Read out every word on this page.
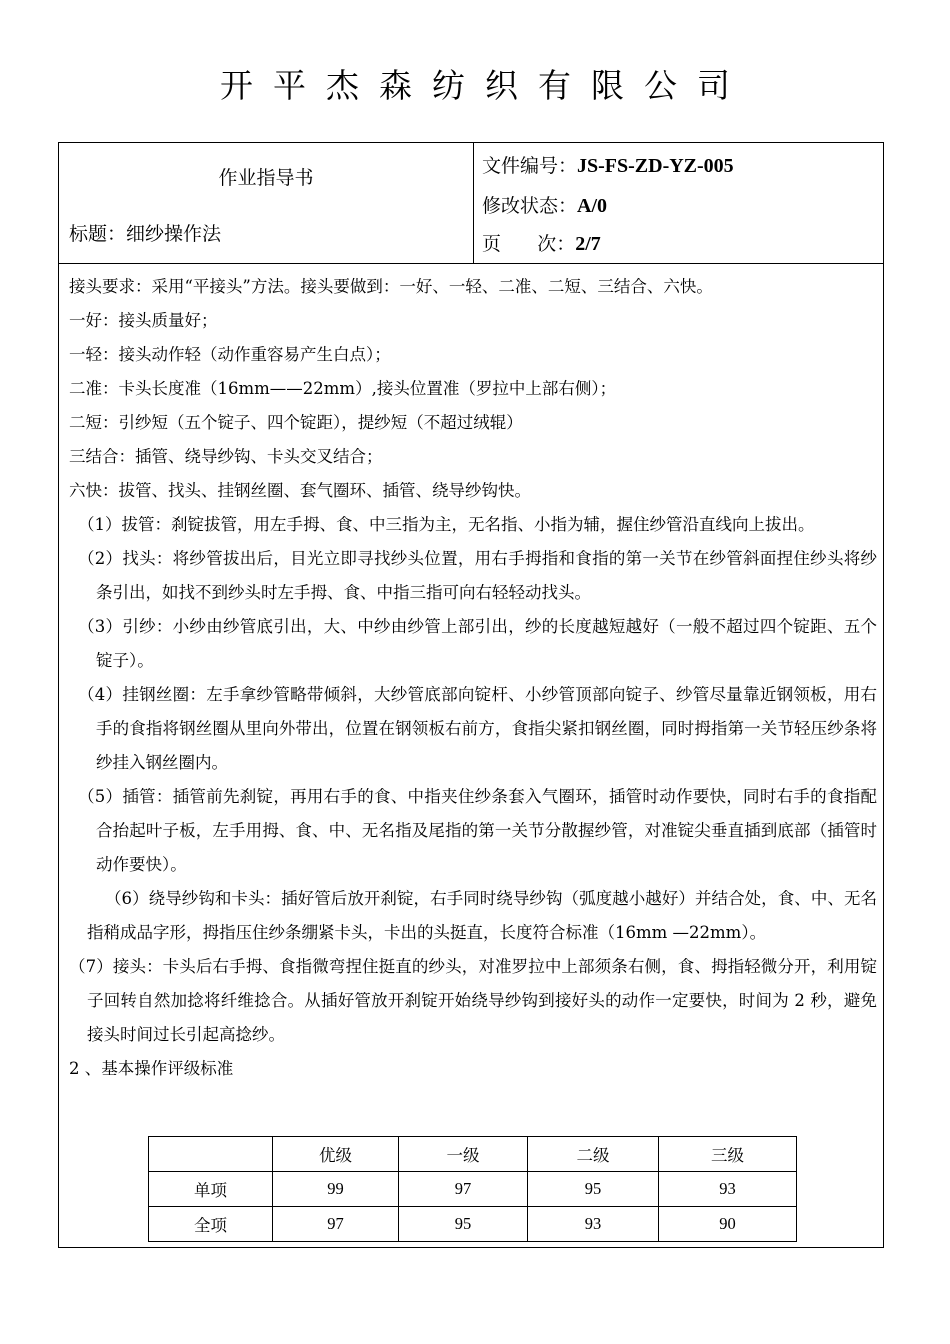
开平杰森纺织有限公司
作业指导书
标题：细纱操作法
文件编号：JS-FS-ZD-YZ-005
修改状态：A/0
页      次：2/7
接头要求：采用“平接头”方法。接头要做到：一好、一轻、二准、二短、三结合、六快。
一好：接头质量好；
一轻：接头动作轻（动作重容易产生白点）；
二准：卡头长度准（16mm——22mm）,接头位置准（罗拉中上部右侧）；
二短：引纱短（五个锭子、四个锭距），提纱短（不超过绒辊）
三结合：插管、绕导纱钩、卡头交叉结合；
六快：拔管、找头、挂钢丝圈、套气圈环、插管、绕导纱钩快。
（1）拔管：刹锭拔管，用左手拇、食、中三指为主，无名指、小指为辅，握住纱管沿直线向上拔出。
（2）找头：将纱管拔出后，目光立即寻找纱头位置，用右手拇指和食指的第一关节在纱管斜面捏住纱头将纱条引出，如找不到纱头时左手拇、食、中指三指可向右轻轻动找头。
（3）引纱：小纱由纱管底引出，大、中纱由纱管上部引出，纱的长度越短越好（一般不超过四个锭距、五个锭子）。
（4）挂钢丝圈：左手拿纱管略带倾斜，大纱管底部向锭杆、小纱管顶部向锭子、纱管尽量靠近钢领板，用右手的食指将钢丝圈从里向外带出，位置在钢领板右前方，食指尖紧扣钢丝圈，同时拇指第一关节轻压纱条将纱挂入钢丝圈内。
（5）插管：插管前先刹锭，再用右手的食、中指夹住纱条套入气圈环，插管时动作要快，同时右手的食指配合抬起叶子板，左手用拇、食、中、无名指及尾指的第一关节分散握纱管，对准锭尖垂直插到底部（插管时动作要快）。
（6）绕导纱钩和卡头：插好管后放开刹锭，右手同时绕导纱钩（弧度越小越好）并结合处，食、中、无名指稍成品字形，拇指压住纱条绷紧卡头，卡出的头挺直，长度符合标准（16mm —22mm）。
（7）接头：卡头后右手拇、食指微弯捏住挺直的纱头，对准罗拉中上部须条右侧，食、拇指轻微分开，利用锭子回转自然加捻将纤维捻合。从插好管放开刹锭开始绕导纱钩到接好头的动作一定要快，时间为 2 秒，避免接头时间过长引起高捻纱。
2 、基本操作评级标准
	优级	一级	二级	三级
单项	99	97	95	93
全项	97	95	93	90
